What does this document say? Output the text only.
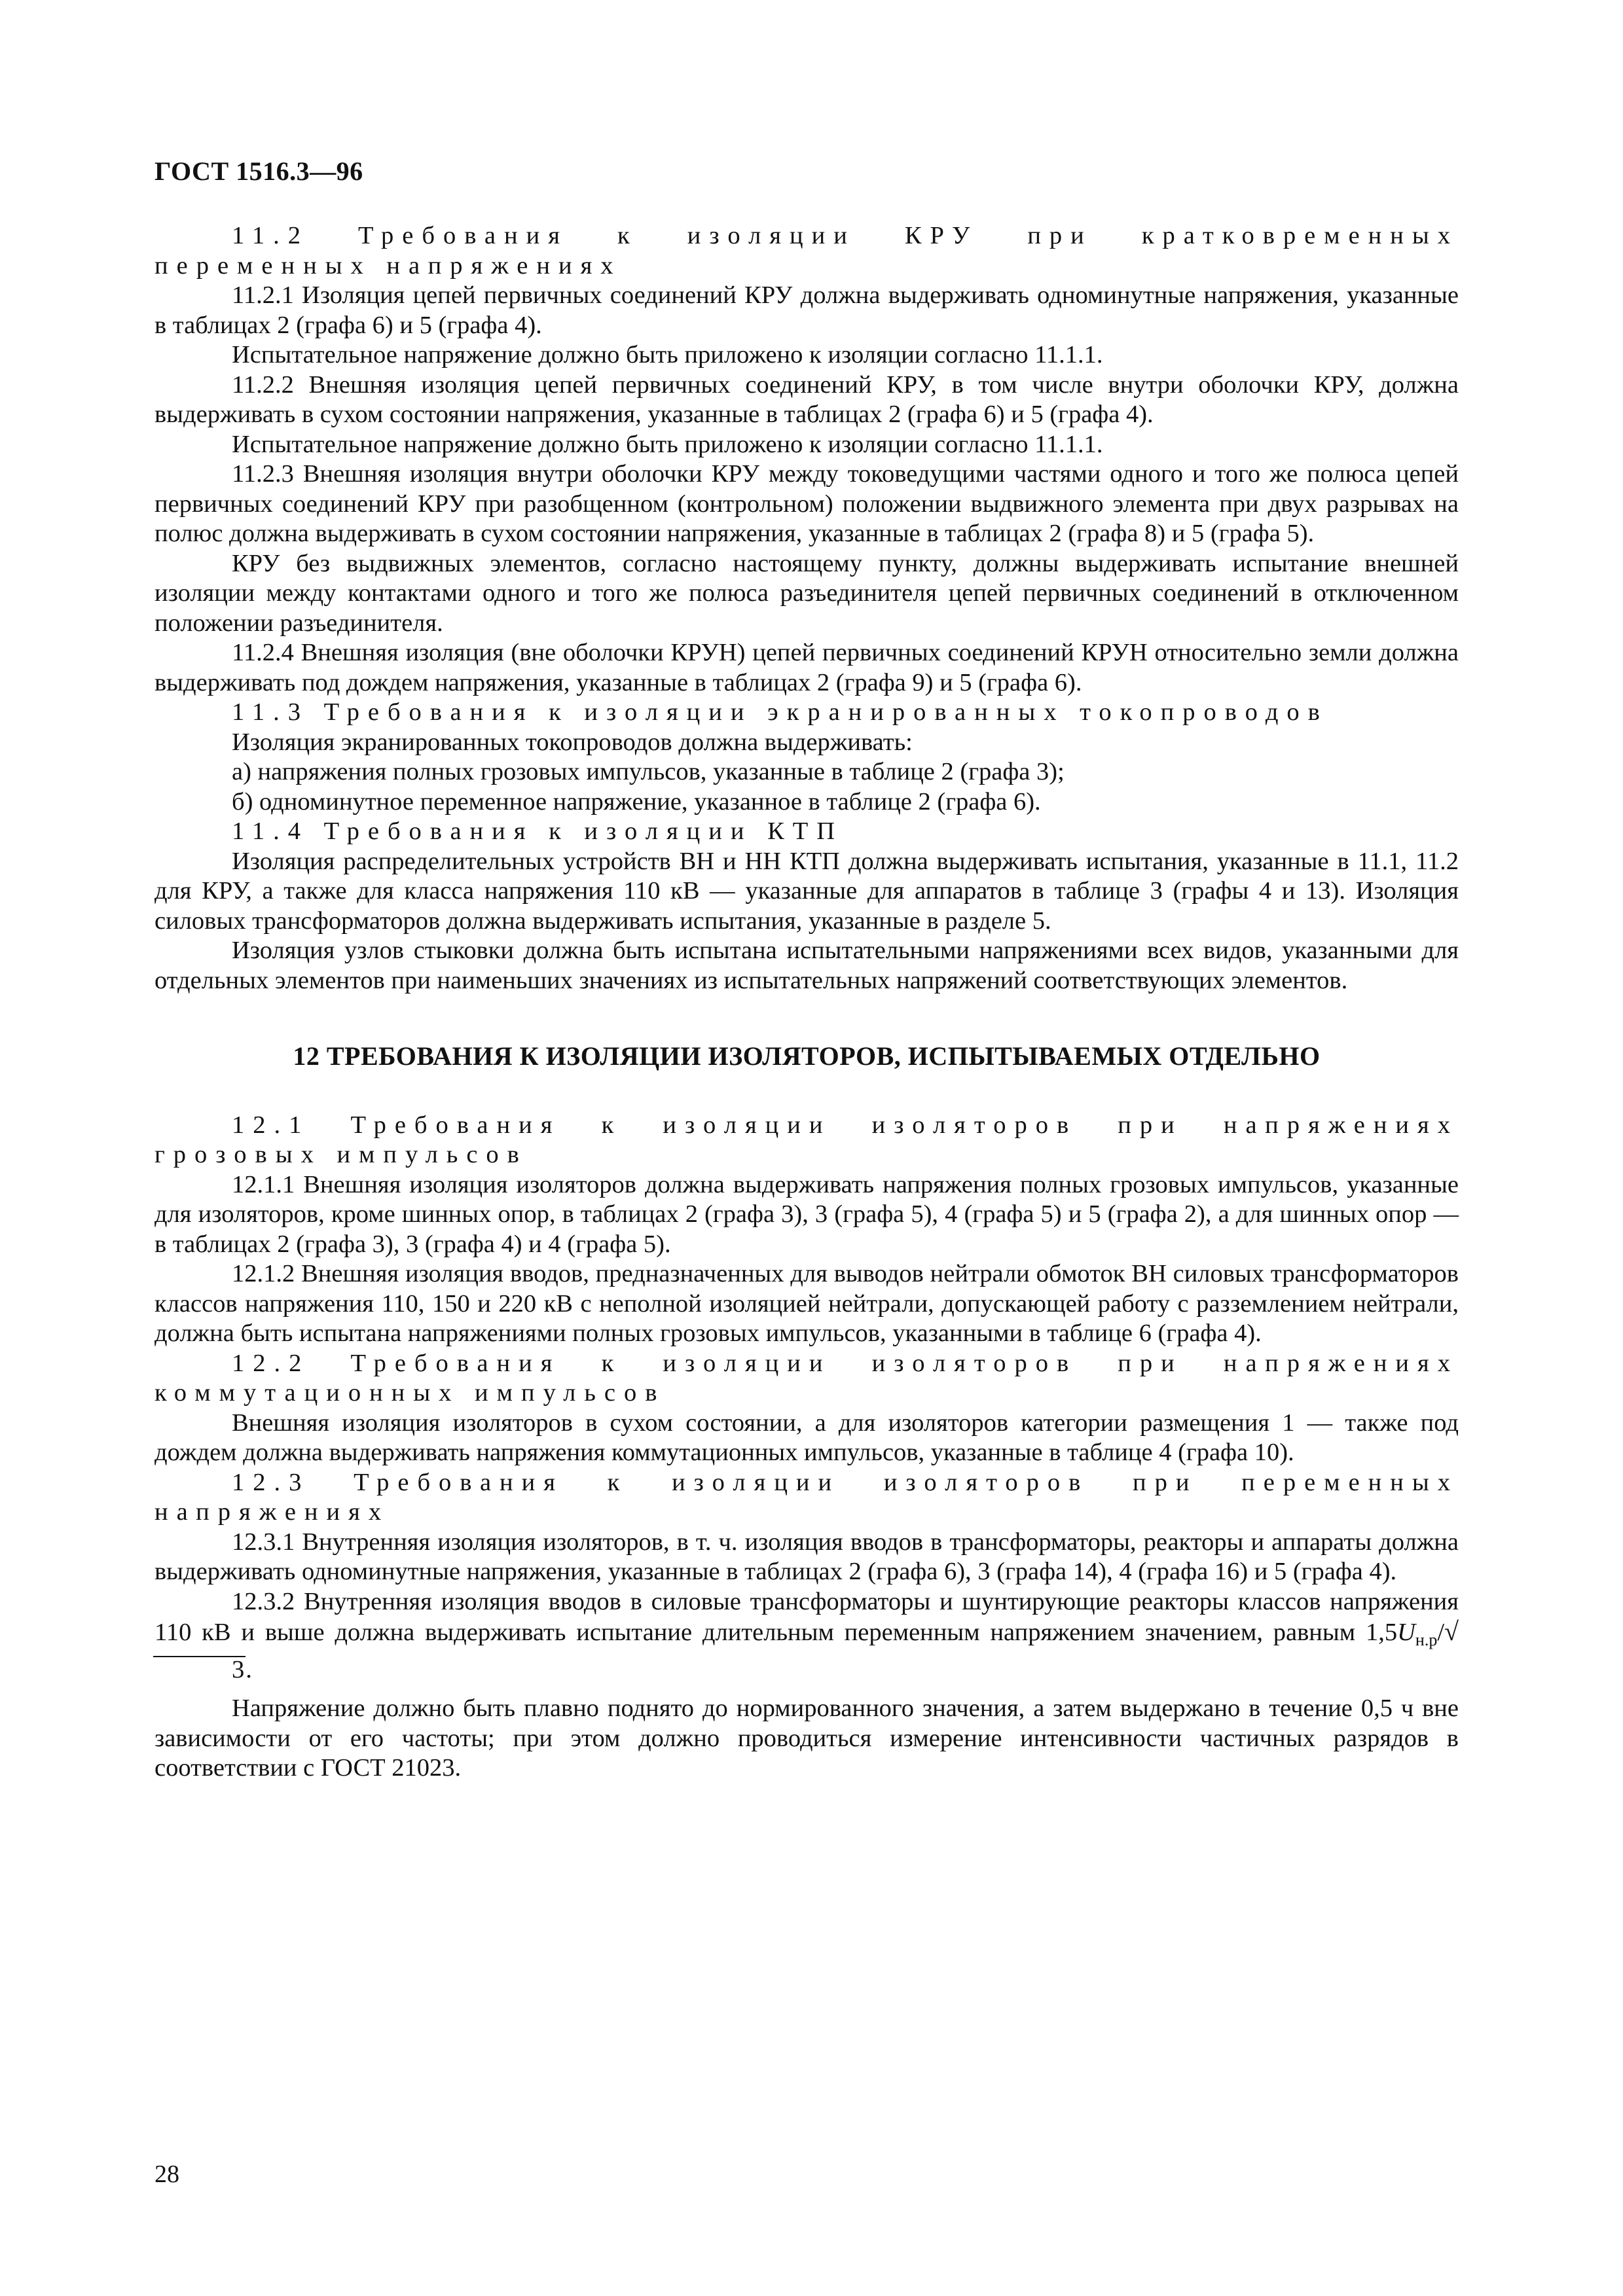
ГОСТ 1516.3—96

11.2 Требования к изоляции КРУ при кратковременных переменных напряжениях

11.2.1 Изоляция цепей первичных соединений КРУ должна выдерживать одноминутные напряжения, указанные в таблицах 2 (графа 6) и 5 (графа 4).

Испытательное напряжение должно быть приложено к изоляции согласно 11.1.1.

11.2.2 Внешняя изоляция цепей первичных соединений КРУ, в том числе внутри оболочки КРУ, должна выдерживать в сухом состоянии напряжения, указанные в таблицах 2 (графа 6) и 5 (графа 4).

Испытательное напряжение должно быть приложено к изоляции согласно 11.1.1.

11.2.3 Внешняя изоляция внутри оболочки КРУ между токоведущими частями одного и того же полюса цепей первичных соединений КРУ при разобщенном (контрольном) положении выдвижного элемента при двух разрывах на полюс должна выдерживать в сухом состоянии напряжения, указанные в таблицах 2 (графа 8) и 5 (графа 5).

КРУ без выдвижных элементов, согласно настоящему пункту, должны выдерживать испытание внешней изоляции между контактами одного и того же полюса разъединителя цепей первичных соединений в отключенном положении разъединителя.

11.2.4 Внешняя изоляция (вне оболочки КРУН) цепей первичных соединений КРУН относительно земли должна выдерживать под дождем напряжения, указанные в таблицах 2 (графа 9) и 5 (графа 6).

11.3 Требования к изоляции экранированных токопроводов

Изоляция экранированных токопроводов должна выдерживать:

а) напряжения полных грозовых импульсов, указанные в таблице 2 (графа 3);

б) одноминутное переменное напряжение, указанное в таблице 2 (графа 6).

11.4 Требования к изоляции КТП

Изоляция распределительных устройств ВН и НН КТП должна выдерживать испытания, указанные в 11.1, 11.2 для КРУ, а также для класса напряжения 110 кВ — указанные для аппаратов в таблице 3 (графы 4 и 13). Изоляция силовых трансформаторов должна выдерживать испытания, указанные в разделе 5.

Изоляция узлов стыковки должна быть испытана испытательными напряжениями всех видов, указанными для отдельных элементов при наименьших значениях из испытательных напряжений соответствующих элементов.

12 ТРЕБОВАНИЯ К ИЗОЛЯЦИИ ИЗОЛЯТОРОВ, ИСПЫТЫВАЕМЫХ ОТДЕЛЬНО

12.1 Требования к изоляции изоляторов при напряжениях грозовых импульсов

12.1.1 Внешняя изоляция изоляторов должна выдерживать напряжения полных грозовых импульсов, указанные для изоляторов, кроме шинных опор, в таблицах 2 (графа 3), 3 (графа 5), 4 (графа 5) и 5 (графа 2), а для шинных опор — в таблицах 2 (графа 3), 3 (графа 4) и 4 (графа 5).

12.1.2 Внешняя изоляция вводов, предназначенных для выводов нейтрали обмоток ВН силовых трансформаторов классов напряжения 110, 150 и 220 кВ с неполной изоляцией нейтрали, допускающей работу с разземлением нейтрали, должна быть испытана напряжениями полных грозовых импульсов, указанными в таблице 6 (графа 4).

12.2 Требования к изоляции изоляторов при напряжениях коммутационных импульсов

Внешняя изоляция изоляторов в сухом состоянии, а для изоляторов категории размещения 1 — также под дождем должна выдерживать напряжения коммутационных импульсов, указанные в таблице 4 (графа 10).

12.3 Требования к изоляции изоляторов при переменных напряжениях

12.3.1 Внутренняя изоляция изоляторов, в т. ч. изоляция вводов в трансформаторы, реакторы и аппараты должна выдерживать одноминутные напряжения, указанные в таблицах 2 (графа 6), 3 (графа 14), 4 (графа 16) и 5 (графа 4).

12.3.2 Внутренняя изоляция вводов в силовые трансформаторы и шунтирующие реакторы классов напряжения 110 кВ и выше должна выдерживать испытание длительным переменным напряжением значением, равным $1,5U_{н.р}/√3$.

Напряжение должно быть плавно поднято до нормированного значения, а затем выдержано в течение 0,5 ч вне зависимости от его частоты; при этом должно проводиться измерение интенсивности частичных разрядов в соответствии с ГОСТ 21023.

28
